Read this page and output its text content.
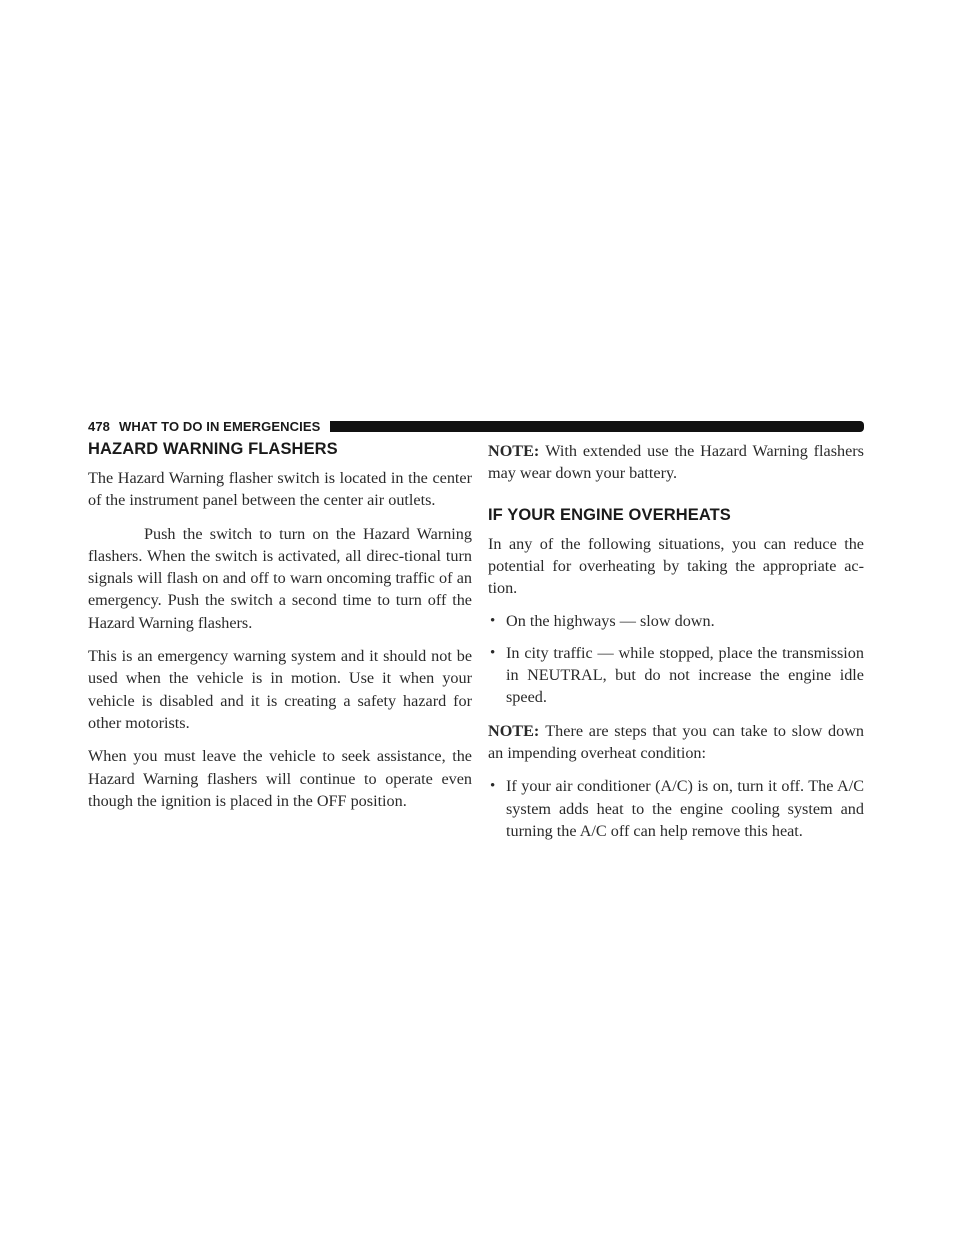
478 WHAT TO DO IN EMERGENCIES
HAZARD WARNING FLASHERS

The Hazard Warning flasher switch is located in the center of the instrument panel between the center air outlets.

Push the switch to turn on the Hazard Warning flashers. When the switch is activated, all direc-tional turn signals will flash on and off to warn oncoming traffic of an emergency. Push the switch a second time to turn off the Hazard Warning flashers.

This is an emergency warning system and it should not be used when the vehicle is in motion. Use it when your vehicle is disabled and it is creating a safety hazard for other motorists.

When you must leave the vehicle to seek assistance, the Hazard Warning flashers will continue to operate even though the ignition is placed in the OFF position.

NOTE: With extended use the Hazard Warning flashers may wear down your battery.

IF YOUR ENGINE OVERHEATS

In any of the following situations, you can reduce the potential for overheating by taking the appropriate ac-tion.

• On the highways — slow down.
• In city traffic — while stopped, place the transmission in NEUTRAL, but do not increase the engine idle speed.

NOTE: There are steps that you can take to slow down an impending overheat condition:

• If your air conditioner (A/C) is on, turn it off. The A/C system adds heat to the engine cooling system and turning the A/C off can help remove this heat.
